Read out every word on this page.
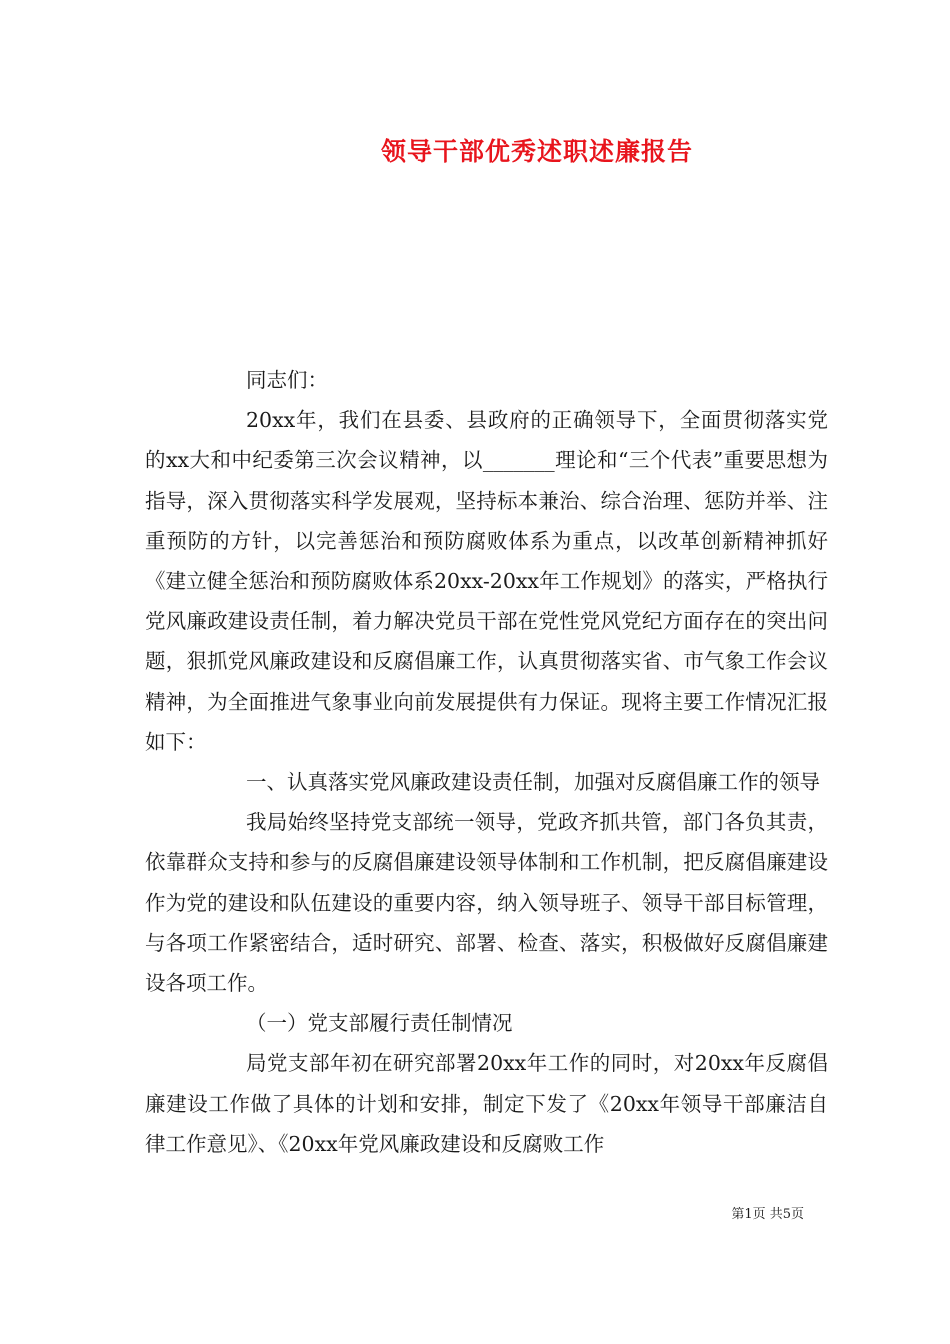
领导干部优秀述职述廉报告

同志们：

20xx年，我们在县委、县政府的正确领导下，全面贯彻落实党的xx大和中纪委第三次会议精神，以_______理论和“三个代表”重要思想为指导，深入贯彻落实科学发展观，坚持标本兼治、综合治理、惩防并举、注重预防的方针，以完善惩治和预防腐败体系为重点，以改革创新精神抓好《建立健全惩治和预防腐败体系20xx-20xx年工作规划》的落实，严格执行党风廉政建设责任制，着力解决党员干部在党性党风党纪方面存在的突出问题，狠抓党风廉政建设和反腐倡廉工作，认真贯彻落实省、市气象工作会议精神，为全面推进气象事业向前发展提供有力保证。现将主要工作情况汇报如下：

一、认真落实党风廉政建设责任制，加强对反腐倡廉工作的领导

我局始终坚持党支部统一领导，党政齐抓共管，部门各负其责，依靠群众支持和参与的反腐倡廉建设领导体制和工作机制，把反腐倡廉建设作为党的建设和队伍建设的重要内容，纳入领导班子、领导干部目标管理，与各项工作紧密结合，适时研究、部署、检查、落实，积极做好反腐倡廉建设各项工作。

（一）党支部履行责任制情况

局党支部年初在研究部署20xx年工作的同时，对20xx年反腐倡廉建设工作做了具体的计划和安排，制定下发了《20xx年领导干部廉洁自律工作意见》、《20xx年党风廉政建设和反腐败工作

第1页 共5页
